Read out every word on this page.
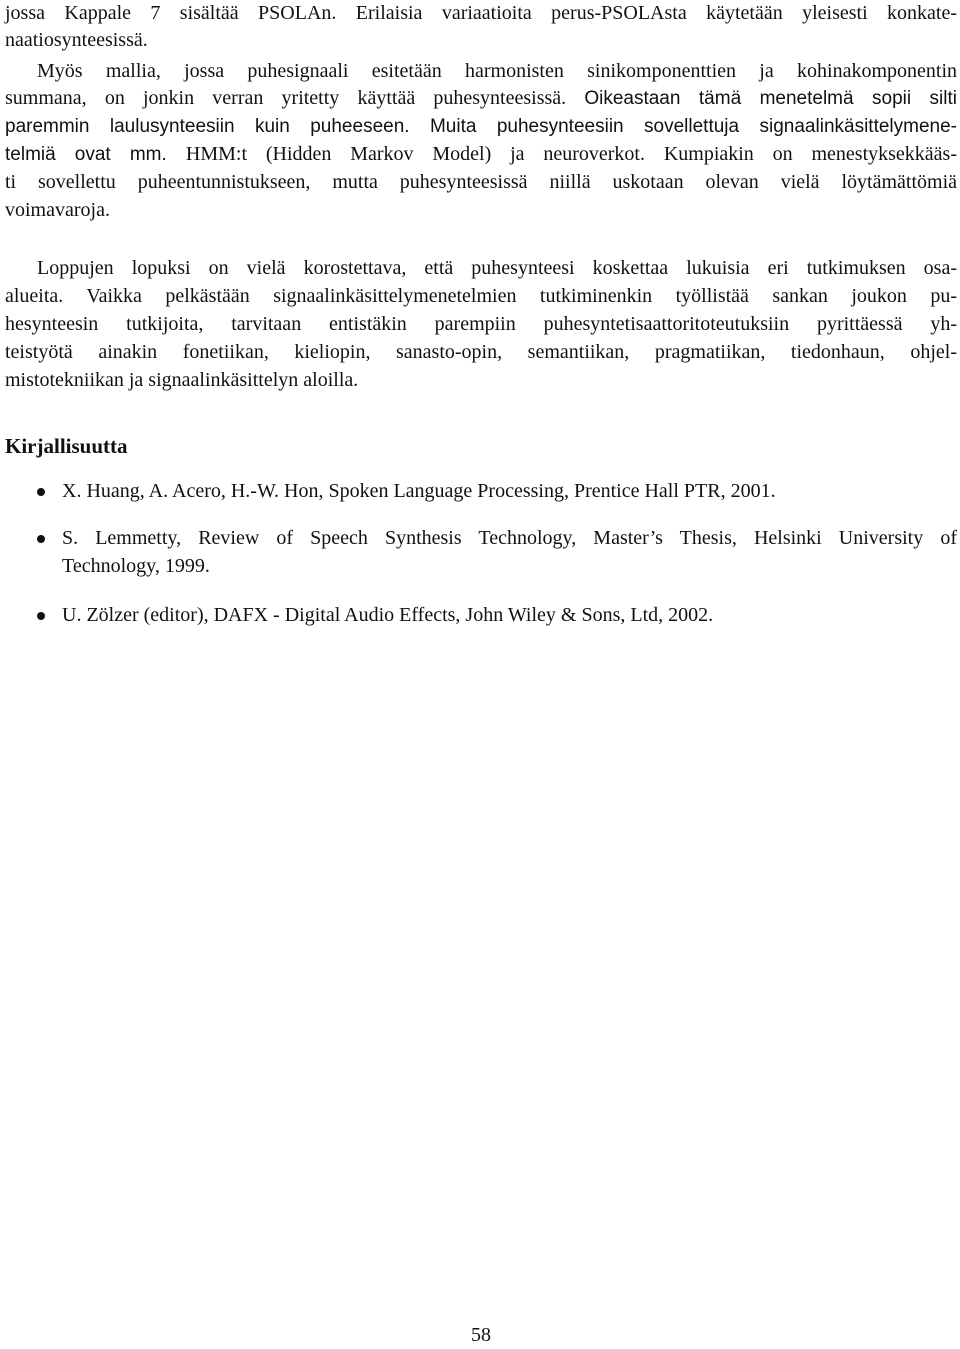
jossa Kappale 7 sisältää PSOLAn. Erilaisia variaatioita perus-PSOLAsta käytetään yleisesti konkate-
naatiosynteesissä.
Myös mallia, jossa puhesignaali esitetään harmonisten sinikomponenttien ja kohinakomponentin
summana, on jonkin verran yritetty käyttää puhesynteesissä. Oikeastaan tämä menetelmä sopii silti
paremmin laulusynteesiin kuin puheeseen. Muita puhesynteesiin sovellettuja signaalinkäsittelymene-
telmiä ovat mm. HMM:t (Hidden Markov Model) ja neuroverkot. Kumpiakin on menestyksekkääs-
ti sovellettu puheentunnistukseen, mutta puhesynteesissä niillä uskotaan olevan vielä löytämättömiä
voimavaroja.
Loppujen lopuksi on vielä korostettava, että puhesynteesi koskettaa lukuisia eri tutkimuksen osa-
alueita. Vaikka pelkästään signaalinkäsittelymenetelmien tutkiminenkin työllistää sankan joukon pu-
hesynteesin tutkijoita, tarvitaan entistäkin parempiin puhesyntetisaattoritoteutuksiin pyrittäessä yh-
teistyötä ainakin fonetiikan, kieliopin, sanasto-opin, semantiikan, pragmatiikan, tiedonhaun, ohjel-
mistotekniikan ja signaalinkäsittelyn aloilla.
Kirjallisuutta
X. Huang, A. Acero, H.-W. Hon, Spoken Language Processing, Prentice Hall PTR, 2001.
S. Lemmetty, Review of Speech Synthesis Technology, Master’s Thesis, Helsinki University of
Technology, 1999.
U. Zölzer (editor), DAFX - Digital Audio Effects, John Wiley & Sons, Ltd, 2002.
58
